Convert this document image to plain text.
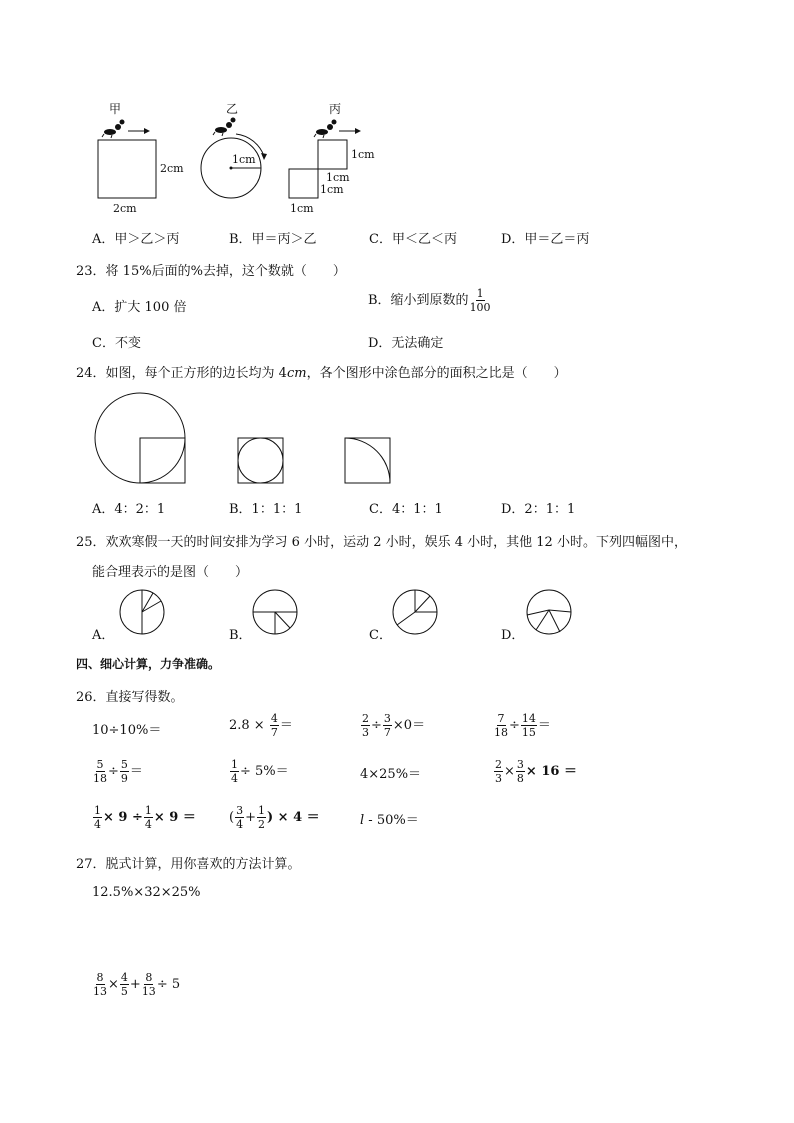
甲	乙	丙
2cm
2cm
1cm	1cm
1cm
1cm
1cm
A．甲＞乙＞丙	B．甲＝丙＞乙	C．甲＜乙＜丙	D．甲＝乙＝丙
23．将 15%后面的%去掉，这个数就（　　）
A．扩大 100 倍	B．缩小到原数的 $\frac{1}{100}$
C．不变	D．无法确定
24．如图，每个正方形的边长均为 4cm，各个图形中涂色部分的面积之比是（　　）
A．4：2：1	B．1：1：1	C．4：1：1	D．2：1：1
25．欢欢寒假一天的时间安排为学习 6 小时，运动 2 小时，娱乐 4 小时，其他 12 小时。下列四幅图中，
能合理表示的是图（　　）
A．	B．	C．	D．
四、细心计算，力争准确。
26．直接写得数。
10÷10%＝	$2.8 \times \frac{4}{7}$ ＝	$\frac{2}{3} \div \frac{3}{7} \times 0=$	$\frac{7}{18} \div \frac{14}{15}$ ＝
$\frac{5}{18} \div \frac{5}{9}$ ＝	$\frac{1}{4} \div 5\%=$	4×25%＝	$\frac{2}{3} \times \frac{3}{8} \times 16$ ＝
$\frac{1}{4} \times 9 \div \frac{1}{4} \times 9$ ＝	( $\frac{3}{4} + \frac{1}{2}$ ) × 4 ＝	l - 50%＝
27．脱式计算，用你喜欢的方法计算。
12.5%×32×25%
$\frac{8}{13} \times \frac{4}{5} + \frac{8}{13} \div 5$
